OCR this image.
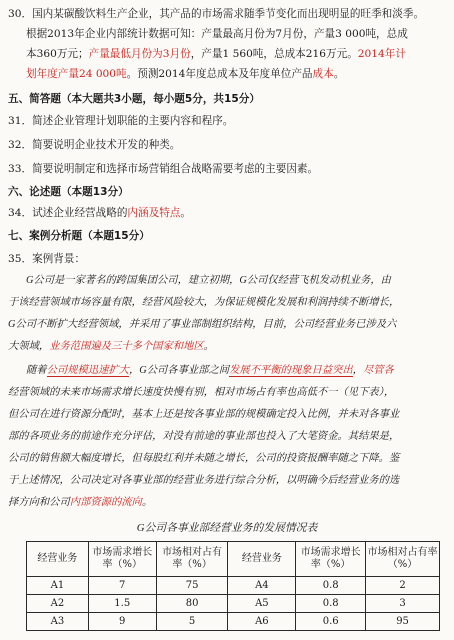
30．国内某碳酸饮料生产企业，其产品的市场需求随季节变化而出现明显的旺季和淡季。
根据2013年企业内部统计数据可知：产量最高月份为7月份，产量3 000吨，总成
本360万元；产量最低月份为3月份，产量1 560吨，总成本216万元。2014年计
划年度产量24 000吨。预测2014年度总成本及年度单位产品成本。
五、简答题（本大题共3小题，每小题5分，共15分）
31．简述企业管理计划职能的主要内容和程序。
32．简要说明企业技术开发的种类。
33．简要说明制定和选择市场营销组合战略需要考虑的主要因素。
六、论述题（本题13分）
34．试述企业经营战略的内涵及特点。
七、案例分析题（本题15分）
35．案例背景：
G公司是一家著名的跨国集团公司，建立初期，G公司仅经营飞机发动机业务，由
于该经营领域市场容量有限，经营风险较大，为保证规模化发展和利润持续不断增长，
G公司不断扩大经营领域，并采用了事业部制组织结构，目前，公司经营业务已涉及六
大领域，业务范围遍及三十多个国家和地区。
随着公司规模迅速扩大，G公司各事业部之间发展不平衡的现象日益突出，尽管各
经营领域的未来市场需求增长速度快慢有别，相对市场占有率也高低不一（见下表），
但公司在进行资源分配时，基本上还是按各事业部的规模确定投入比例，并未对各事业
部的各项业务的前途作充分评估，对没有前途的事业部也投入了大笔资金。其结果是，
公司的销售额大幅度增长，但每股红利并未随之增长，公司的投资报酬率随之下降。鉴
于上述情况，公司决定对各事业部的经营业务进行综合分析，以明确今后经营业务的选
择方向和公司内部资源的流向。
G公司各事业部经营业务的发展情况表
经营业务	市场需求增长率（%）	市场相对占有率（%）	经营业务	市场需求增长率（%）	市场相对占有率（%）
A1	7	75	A4	0.8	2
A2	1.5	80	A5	0.8	3
A3	9	5	A6	0.6	95
